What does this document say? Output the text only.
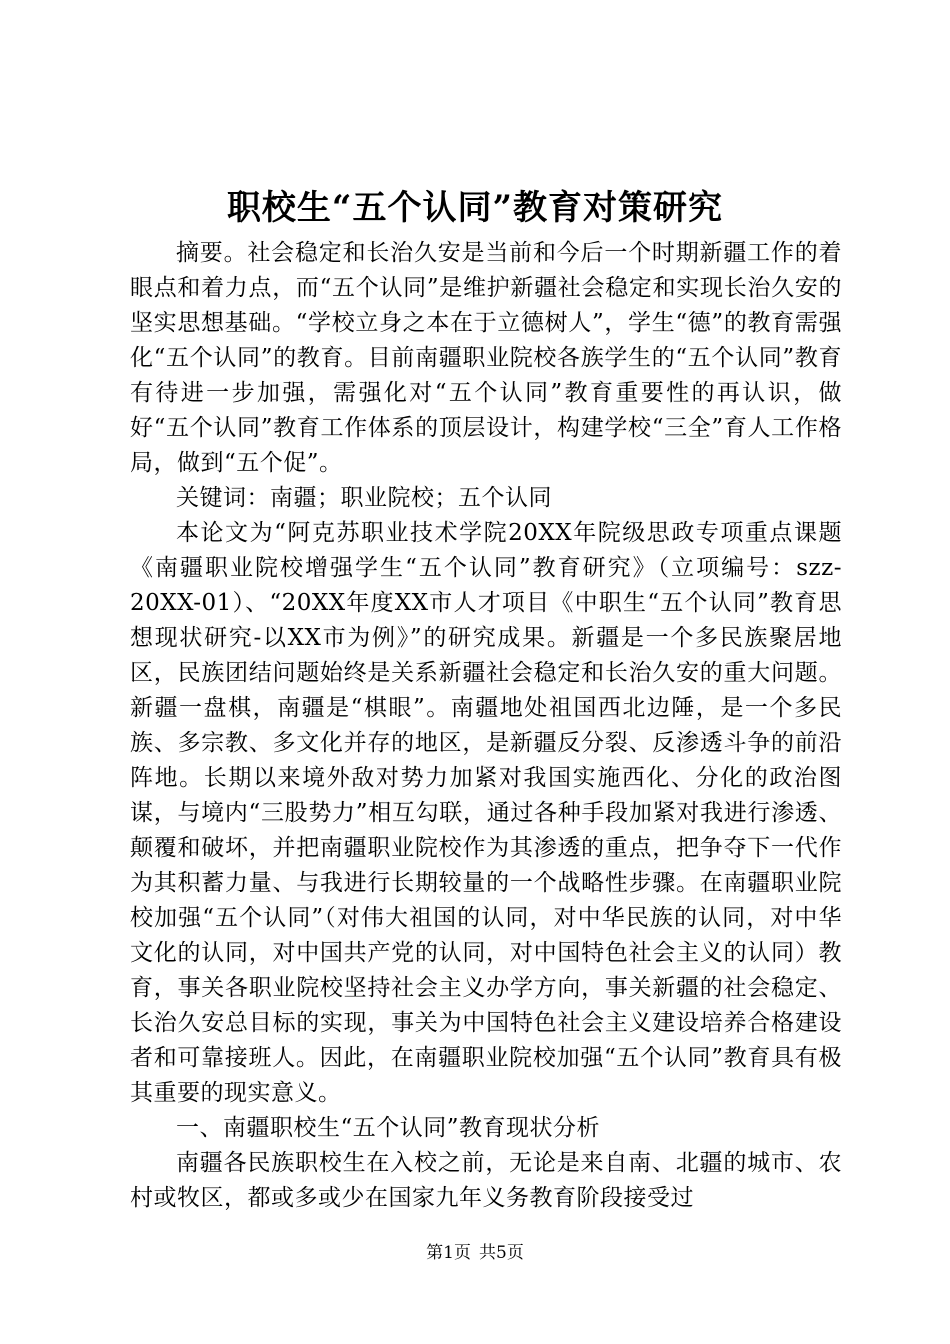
职校生“五个认同”教育对策研究

摘要。社会稳定和长治久安是当前和今后一个时期新疆工作的着眼点和着力点，而“五个认同”是维护新疆社会稳定和实现长治久安的坚实思想基础。“学校立身之本在于立德树人”，学生“德”的教育需强化“五个认同”的教育。目前南疆职业院校各族学生的“五个认同”教育有待进一步加强，需强化对“五个认同”教育重要性的再认识，做好“五个认同”教育工作体系的顶层设计，构建学校“三全”育人工作格局，做到“五个促”。

关键词：南疆；职业院校；五个认同

本论文为“阿克苏职业技术学院20XX年院级思政专项重点课题《南疆职业院校增强学生“五个认同”教育研究》（立项编号：szz-20XX-01）、“20XX年度XX市人才项目《中职生“五个认同”教育思想现状研究-以XX市为例》”的研究成果。新疆是一个多民族聚居地区，民族团结问题始终是关系新疆社会稳定和长治久安的重大问题。新疆一盘棋，南疆是“棋眼”。南疆地处祖国西北边陲，是一个多民族、多宗教、多文化并存的地区，是新疆反分裂、反渗透斗争的前沿阵地。长期以来境外敌对势力加紧对我国实施西化、分化的政治图谋，与境内“三股势力”相互勾联，通过各种手段加紧对我进行渗透、颠覆和破坏，并把南疆职业院校作为其渗透的重点，把争夺下一代作为其积蓄力量、与我进行长期较量的一个战略性步骤。在南疆职业院校加强“五个认同”（对伟大祖国的认同，对中华民族的认同，对中华文化的认同，对中国共产党的认同，对中国特色社会主义的认同）教育，事关各职业院校坚持社会主义办学方向，事关新疆的社会稳定、长治久安总目标的实现，事关为中国特色社会主义建设培养合格建设者和可靠接班人。因此，在南疆职业院校加强“五个认同”教育具有极其重要的现实意义。

一、南疆职校生“五个认同”教育现状分析

南疆各民族职校生在入校之前，无论是来自南、北疆的城市、农村或牧区，都或多或少在国家九年义务教育阶段接受过

第1页 共5页
